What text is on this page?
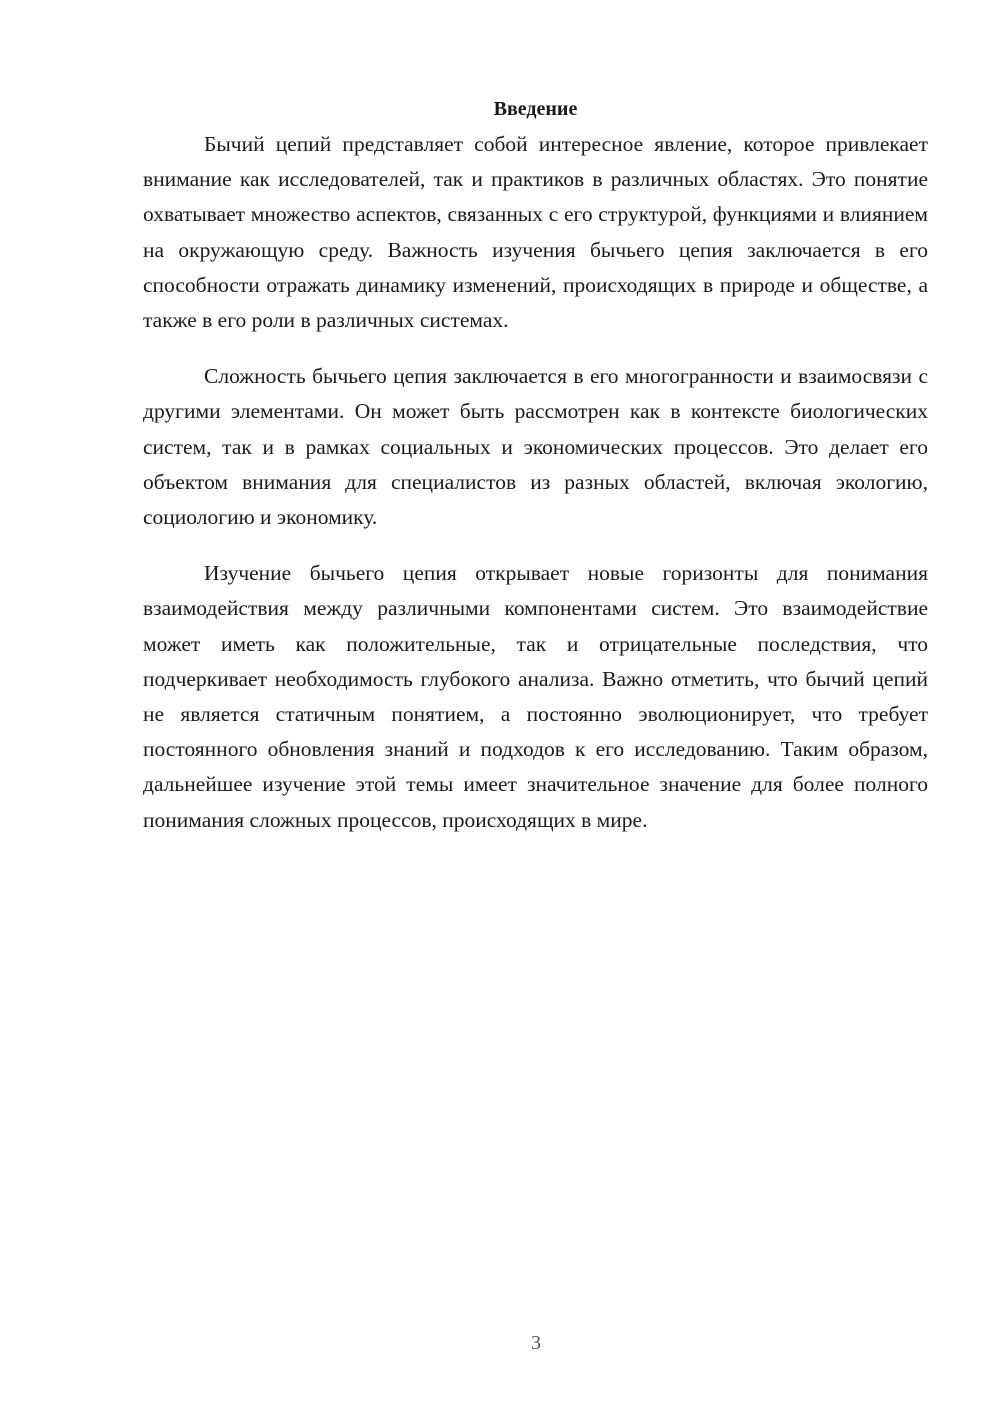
Введение

Бычий цепий представляет собой интересное явление, которое привлекает внимание как исследователей, так и практиков в различных областях. Это понятие охватывает множество аспектов, связанных с его структурой, функциями и влиянием на окружающую среду. Важность изучения бычьего цепия заключается в его способности отражать динамику изменений, происходящих в природе и обществе, а также в его роли в различных системах.

Сложность бычьего цепия заключается в его многогранности и взаимосвязи с другими элементами. Он может быть рассмотрен как в контексте биологических систем, так и в рамках социальных и экономических процессов. Это делает его объектом внимания для специалистов из разных областей, включая экологию, социологию и экономику.

Изучение бычьего цепия открывает новые горизонты для понимания взаимодействия между различными компонентами систем. Это взаимодействие может иметь как положительные, так и отрицательные последствия, что подчеркивает необходимость глубокого анализа. Важно отметить, что бычий цепий не является статичным понятием, а постоянно эволюционирует, что требует постоянного обновления знаний и подходов к его исследованию. Таким образом, дальнейшее изучение этой темы имеет значительное значение для более полного понимания сложных процессов, происходящих в мире.

3
